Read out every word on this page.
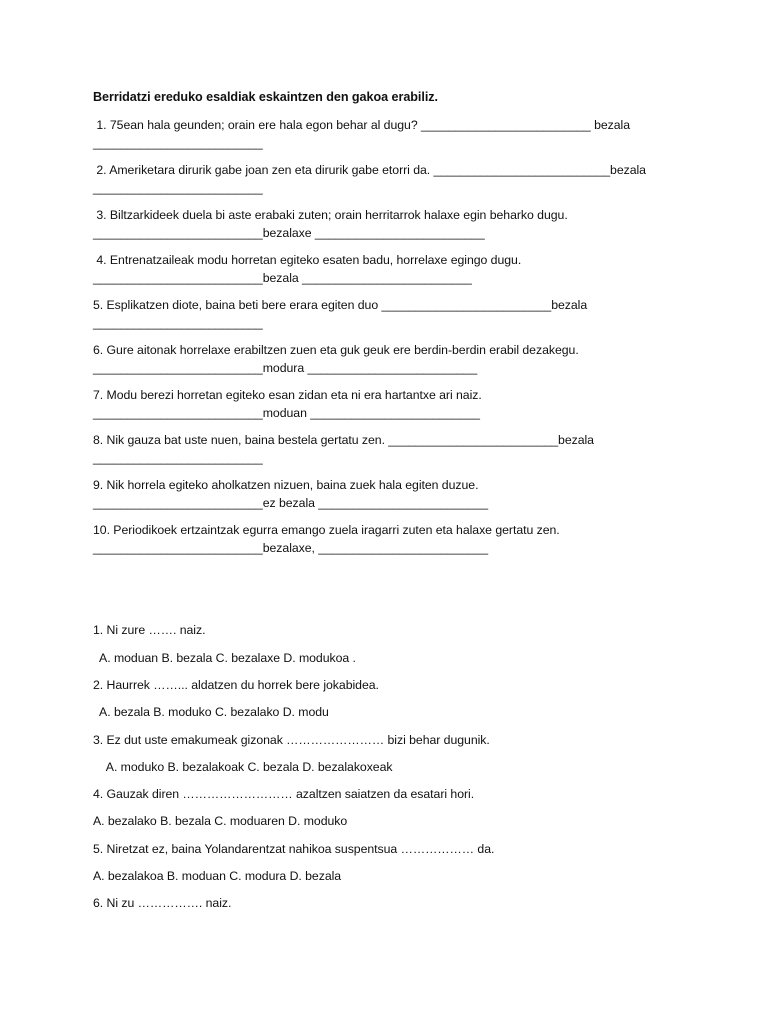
Berridatzi ereduko esaldiak eskaintzen den gakoa erabiliz.
1. 75ean hala geunden; orain ere hala egon behar al dugu? _________________________ bezala
_________________________
2. Ameriketara dirurik gabe joan zen eta dirurik gabe etorri da. __________________________bezala
_________________________
3. Biltzarkideek duela bi aste erabaki zuten; orain herritarrok halaxe egin beharko dugu.
_________________________bezalaxe _________________________
4. Entrenatzaileak modu horretan egiteko esaten badu, horrelaxe egingo dugu.
_________________________bezala _________________________
5. Esplikatzen diote, baina beti bere erara egiten duo _________________________bezala
_________________________
6. Gure aitonak horrelaxe erabiltzen zuen eta guk geuk ere berdin-berdin erabil dezakegu.
_________________________modura _________________________
7. Modu berezi horretan egiteko esan zidan eta ni era hartantxe ari naiz.
_________________________moduan _________________________
8. Nik gauza bat uste nuen, baina bestela gertatu zen. _________________________bezala
_________________________
9. Nik horrela egiteko aholkatzen nizuen, baina zuek hala egiten duzue.
_________________________ez bezala _________________________
10. Periodikoek ertzaintzak egurra emango zuela iragarri zuten eta halaxe gertatu zen.
_________________________bezalaxe, _________________________
1. Ni zure ……. naiz.
A. moduan B. bezala C. bezalaxe D. modukoa .
2. Haurrek ……... aldatzen du horrek bere jokabidea.
A. bezala B. moduko C. bezalako D. modu
3. Ez dut uste emakumeak gizonak …………………… bizi behar dugunik.
A. moduko B. bezalakoak C. bezala D. bezalakoxeak
4. Gauzak diren ……………………… azaltzen saiatzen da esatari hori.
A. bezalako B. bezala C. moduaren D. moduko
5. Niretzat ez, baina Yolandarentzat nahikoa suspentsua ……………… da.
A. bezalakoa B. moduan C. modura D. bezala
6. Ni zu ……………. naiz.
